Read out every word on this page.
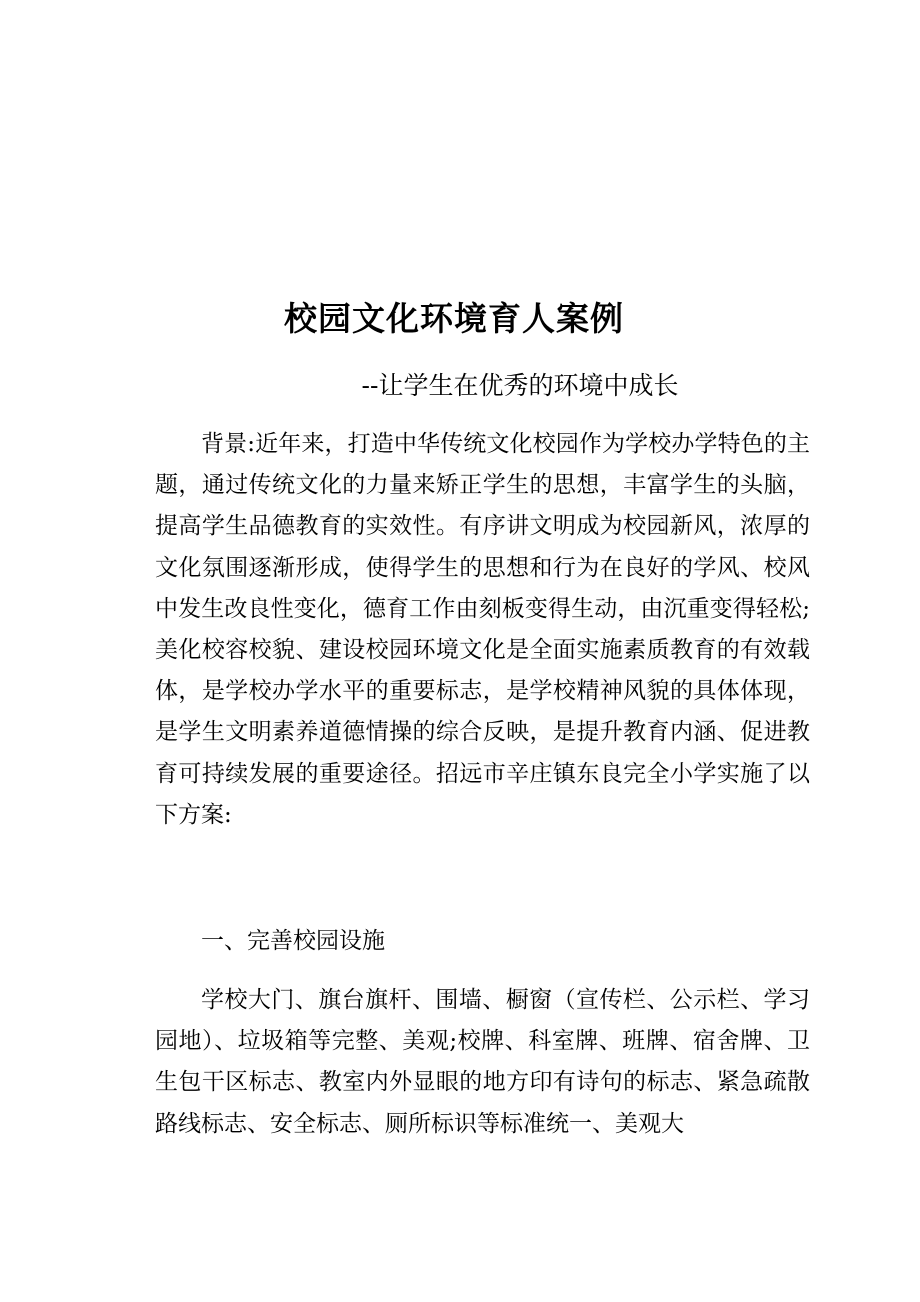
校园文化环境育人案例
--让学生在优秀的环境中成长

背景:近年来，打造中华传统文化校园作为学校办学特色的主题，通过传统文化的力量来矫正学生的思想，丰富学生的头脑，提高学生品德教育的实效性。有序讲文明成为校园新风，浓厚的文化氛围逐渐形成，使得学生的思想和行为在良好的学风、校风中发生改良性变化，德育工作由刻板变得生动，由沉重变得轻松;美化校容校貌、建设校园环境文化是全面实施素质教育的有效载体，是学校办学水平的重要标志，是学校精神风貌的具体体现，是学生文明素养道德情操的综合反映，是提升教育内涵、促进教育可持续发展的重要途径。招远市辛庄镇东良完全小学实施了以下方案:

一、完善校园设施

学校大门、旗台旗杆、围墙、橱窗（宣传栏、公示栏、学习园地）、垃圾箱等完整、美观;校牌、科室牌、班牌、宿舍牌、卫生包干区标志、教室内外显眼的地方印有诗句的标志、紧急疏散路线标志、安全标志、厕所标识等标准统一、美观大
